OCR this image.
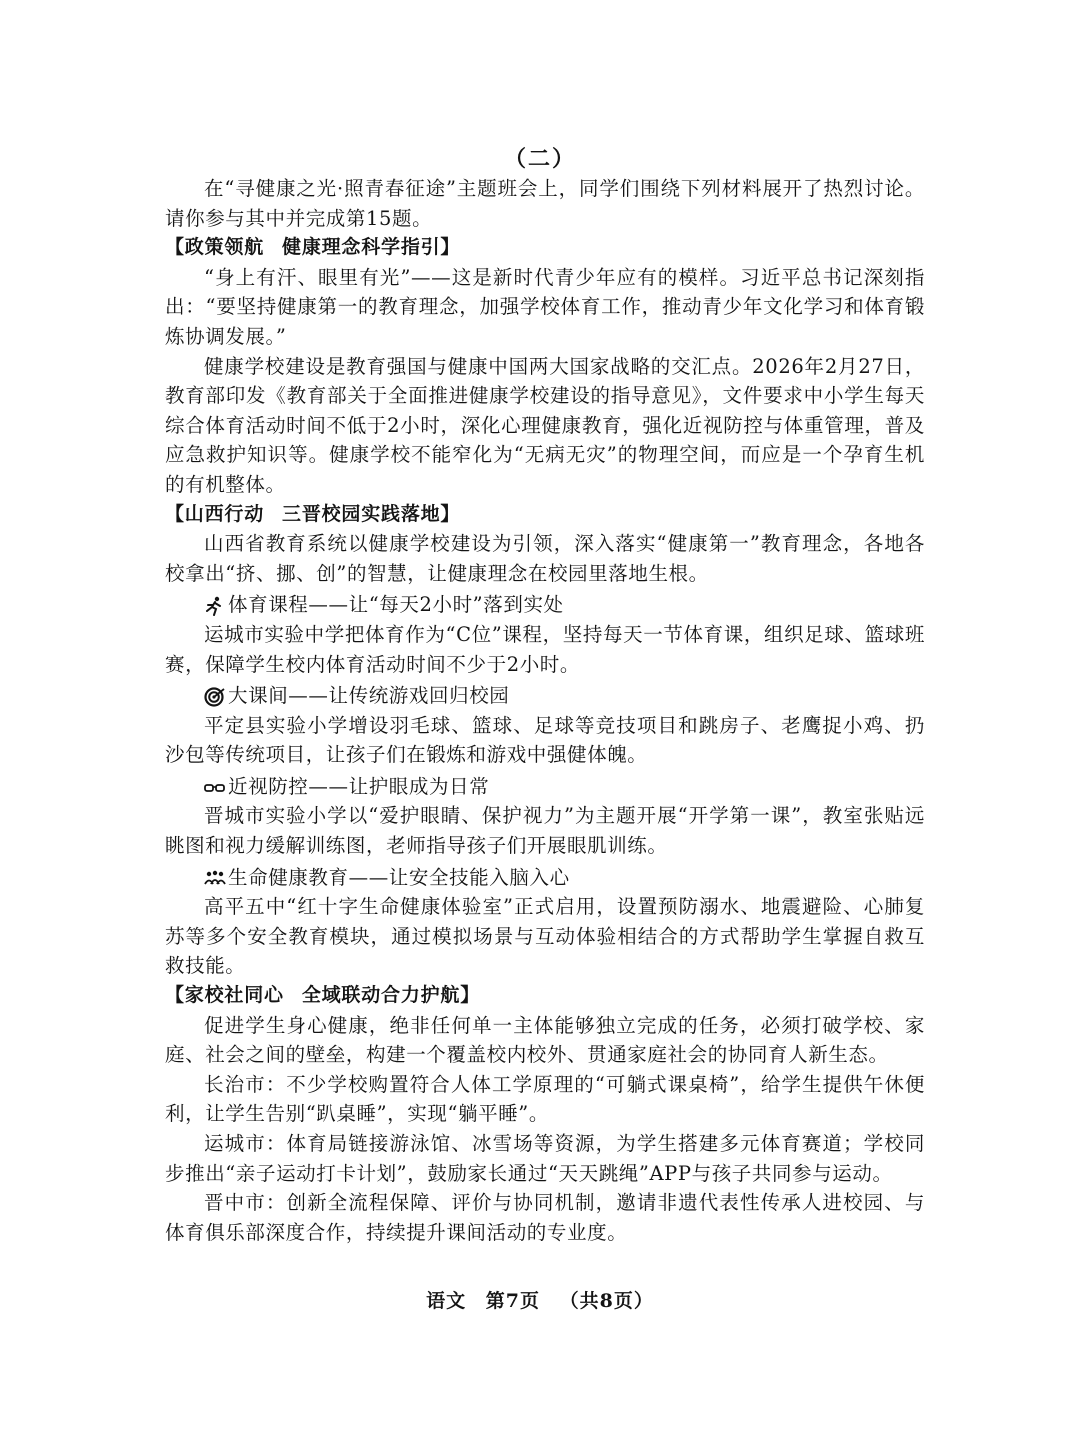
（二）

在“寻健康之光·照青春征途”主题班会上，同学们围绕下列材料展开了热烈讨论。请你参与其中并完成第15题。

【政策领航 健康理念科学指引】

“身上有汗、眼里有光”——这是新时代青少年应有的模样。习近平总书记深刻指出：“要坚持健康第一的教育理念，加强学校体育工作，推动青少年文化学习和体育锻炼协调发展。”

健康学校建设是教育强国与健康中国两大国家战略的交汇点。2026年2月27日，教育部印发《教育部关于全面推进健康学校建设的指导意见》，文件要求中小学生每天综合体育活动时间不低于2小时，深化心理健康教育，强化近视防控与体重管理，普及应急救护知识等。健康学校不能窄化为“无病无灾”的物理空间，而应是一个孕育生机的有机整体。

【山西行动 三晋校园实践落地】

山西省教育系统以健康学校建设为引领，深入落实“健康第一”教育理念，各地各校拿出“挤、挪、创”的智慧，让健康理念在校园里落地生根。

体育课程——让“每天2小时”落到实处

运城市实验中学把体育作为“C位”课程，坚持每天一节体育课，组织足球、篮球班赛，保障学生校内体育活动时间不少于2小时。

大课间——让传统游戏回归校园

平定县实验小学增设羽毛球、篮球、足球等竞技项目和跳房子、老鹰捉小鸡、扔沙包等传统项目，让孩子们在锻炼和游戏中强健体魄。

近视防控——让护眼成为日常

晋城市实验小学以“爱护眼睛、保护视力”为主题开展“开学第一课”，教室张贴远眺图和视力缓解训练图，老师指导孩子们开展眼肌训练。

生命健康教育——让安全技能入脑入心

高平五中“红十字生命健康体验室”正式启用，设置预防溺水、地震避险、心肺复苏等多个安全教育模块，通过模拟场景与互动体验相结合的方式帮助学生掌握自救互救技能。

【家校社同心 全域联动合力护航】

促进学生身心健康，绝非任何单一主体能够独立完成的任务，必须打破学校、家庭、社会之间的壁垒，构建一个覆盖校内校外、贯通家庭社会的协同育人新生态。

长治市：不少学校购置符合人体工学原理的“可躺式课桌椅”，给学生提供午休便利，让学生告别“趴桌睡”，实现“躺平睡”。

运城市：体育局链接游泳馆、冰雪场等资源，为学生搭建多元体育赛道；学校同步推出“亲子运动打卡计划”，鼓励家长通过“天天跳绳”APP与孩子共同参与运动。

晋中市：创新全流程保障、评价与协同机制，邀请非遗代表性传承人进校园、与体育俱乐部深度合作，持续提升课间活动的专业度。

语文 第7页 （共8页）
